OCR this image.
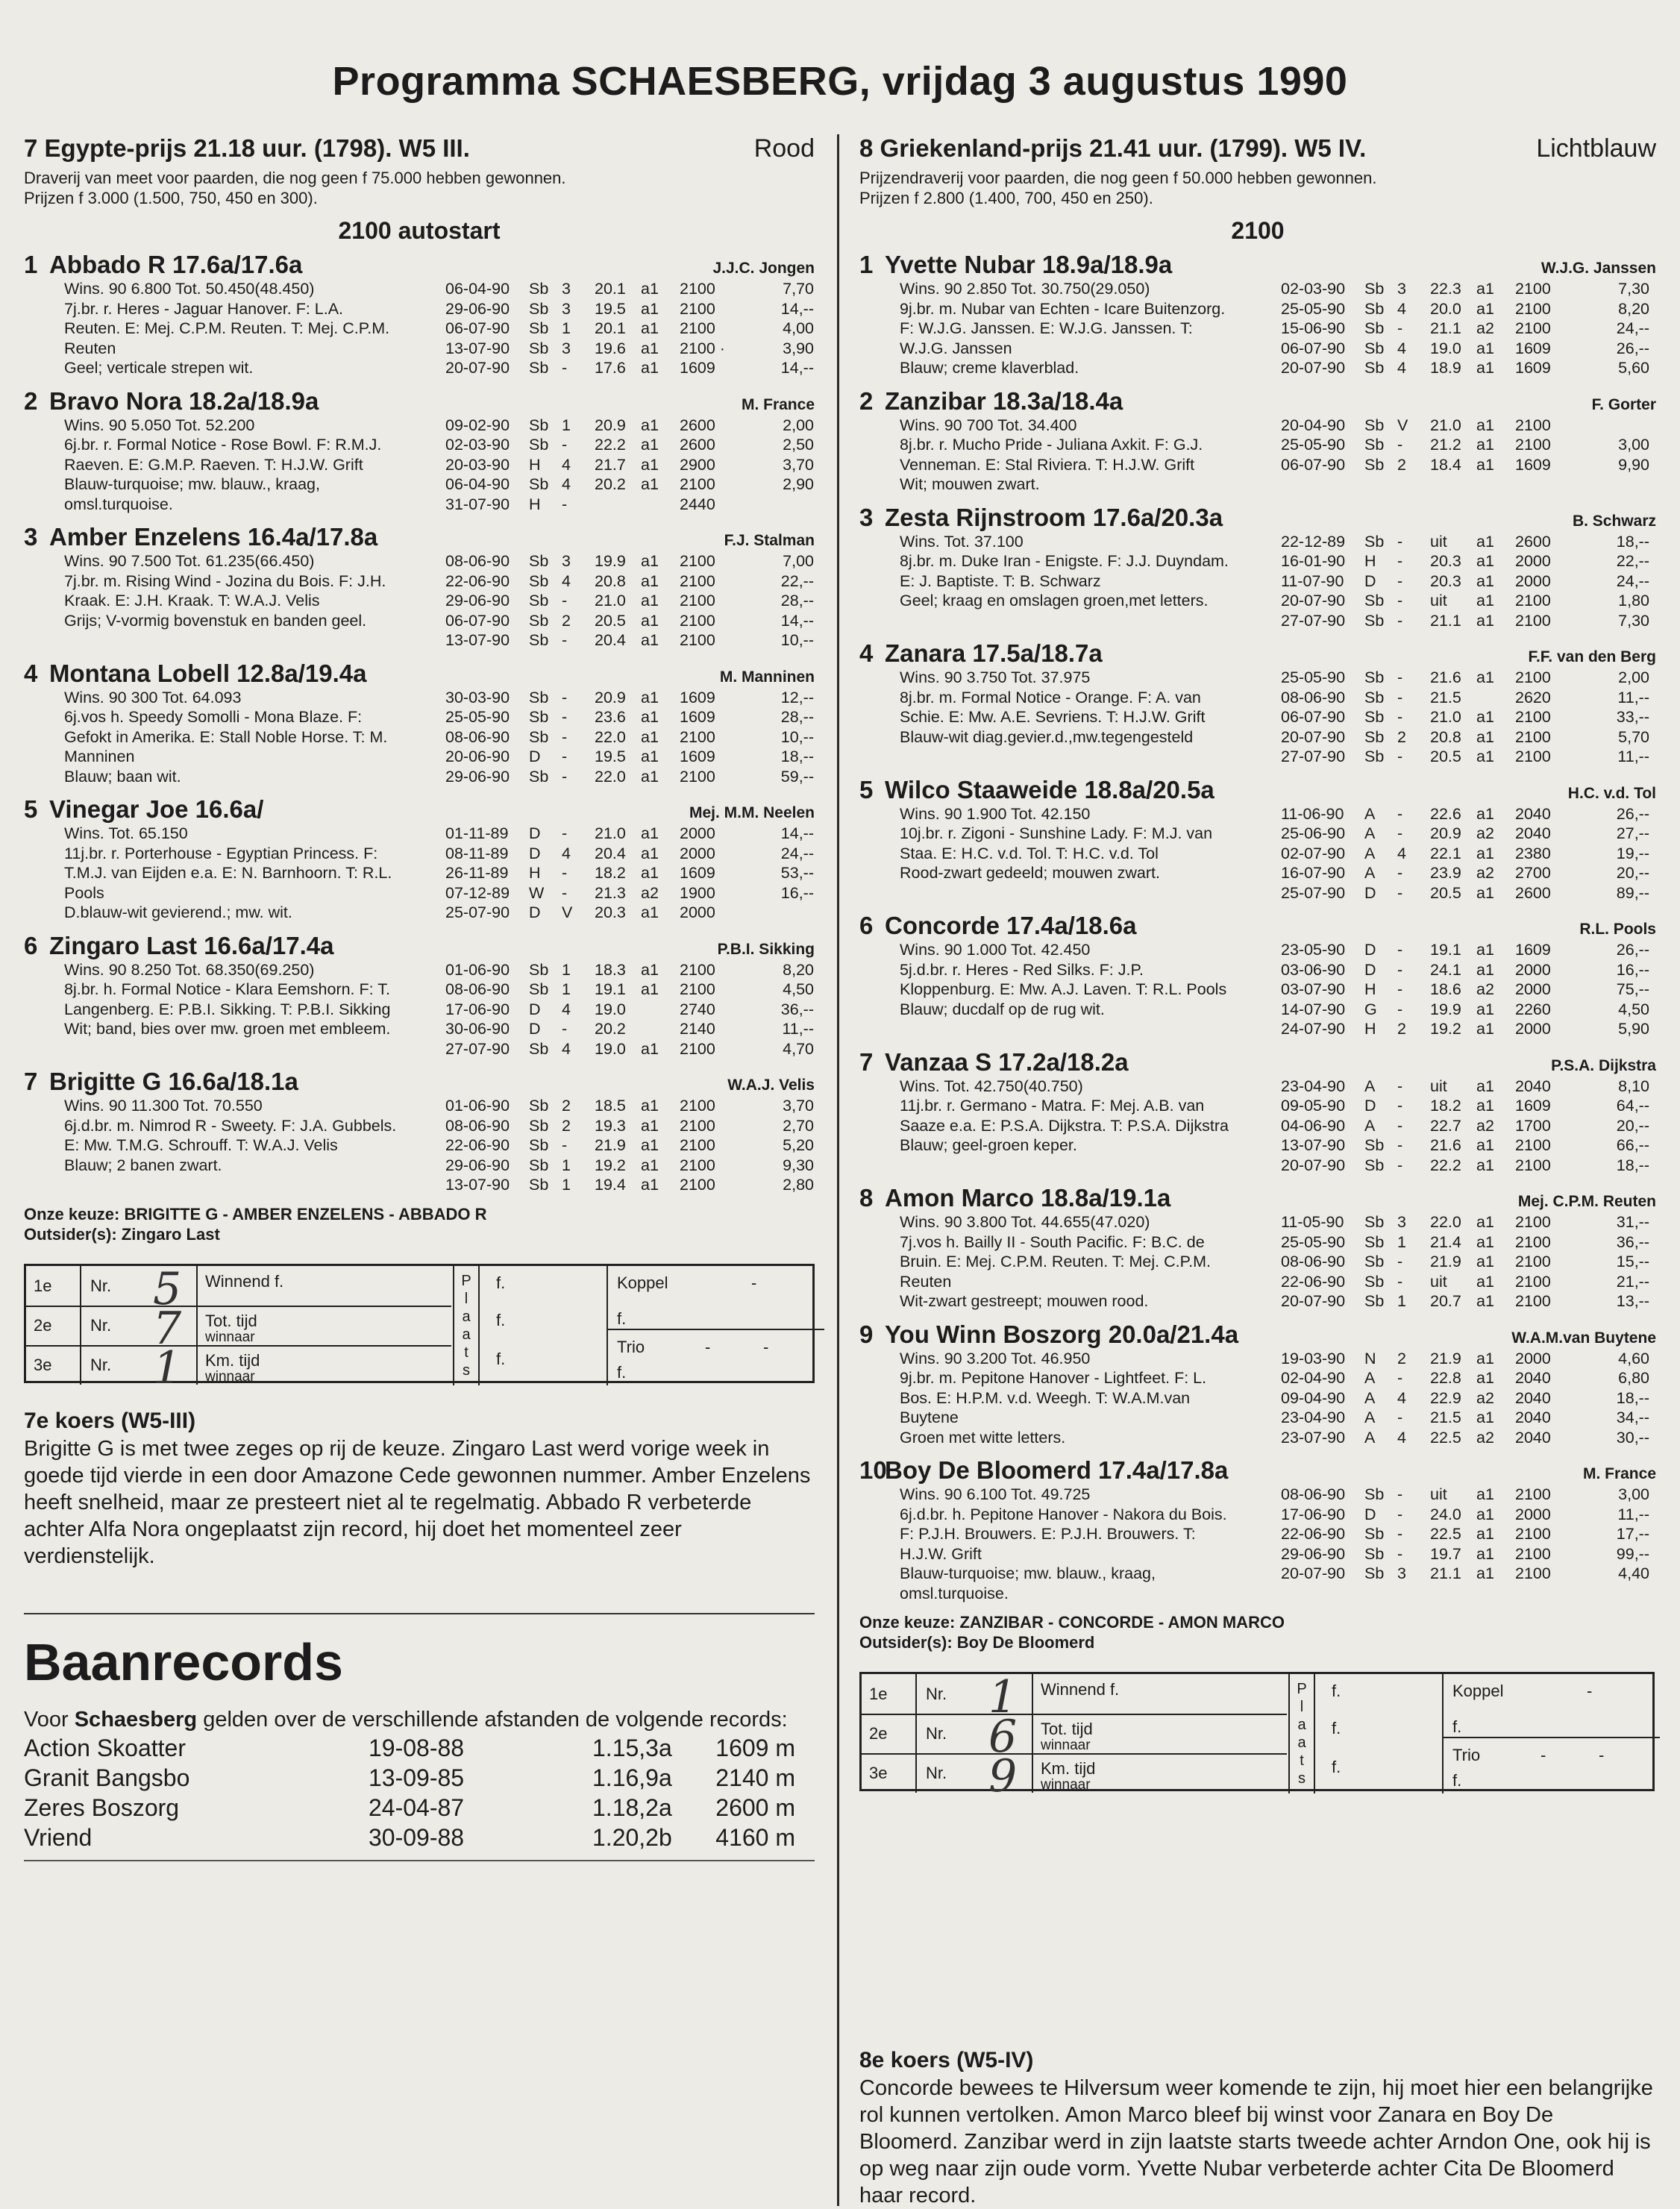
Programma SCHAESBERG, vrijdag 3 augustus 1990
7 Egypte-prijs 21.18 uur. (1798). W5 III.	Rood
Draverij van meet voor paarden, die nog geen f 75.000 hebben gewonnen.
Prijzen f 3.000 (1.500, 750, 450 en 300).
2100 autostart
1 Abbado R 17.6a/17.6a	J.J.C. Jongen
Wins. 90 6.800 Tot. 50.450(48.450)
7j.br. r. Heres - Jaguar Hanover. F: L.A.
Reuten. E: Mej. C.P.M. Reuten. T: Mej. C.P.M.
Reuten
Geel; verticale strepen wit.
06-04-90	Sb 3	20.1 a1	2100	7,70
29-06-90	Sb 3	19.5 a1	2100	14,--
06-07-90	Sb 1	20.1 a1	2100	4,00
13-07-90	Sb 3	19.6 a1	2100 ·	3,90
20-07-90	Sb -	17.6 a1	1609	14,--
2 Bravo Nora 18.2a/18.9a	M. France
Wins. 90 5.050 Tot. 52.200
6j.br. r. Formal Notice - Rose Bowl. F: R.M.J.
Raeven. E: G.M.P. Raeven. T: H.J.W. Grift
Blauw-turquoise; mw. blauw., kraag,
omsl.turquoise.
09-02-90	Sb 1	20.9 a1	2600	2,00
02-03-90	Sb -	22.2 a1	2600	2,50
20-03-90	H	4	21.7 a1	2900	3,70
06-04-90	Sb 4	20.2 a1	2100	2,90
31-07-90	H	-	2440
3 Amber Enzelens 16.4a/17.8a	F.J. Stalman
Wins. 90 7.500 Tot. 61.235(66.450)
7j.br. m. Rising Wind - Jozina du Bois. F: J.H.
Kraak. E: J.H. Kraak. T: W.A.J. Velis
Grijs; V-vormig bovenstuk en banden geel.
08-06-90	Sb 3	19.9 a1	2100	7,00
22-06-90	Sb 4	20.8 a1	2100	22,--
29-06-90	Sb -	21.0 a1	2100	28,--
06-07-90	Sb 2	20.5 a1	2100	14,--
13-07-90	Sb -	20.4 a1	2100	10,--
4 Montana Lobell 12.8a/19.4a	M. Manninen
Wins. 90 300 Tot. 64.093
6j.vos h. Speedy Somolli - Mona Blaze. F:
Gefokt in Amerika. E: Stall Noble Horse. T: M.
Manninen
Blauw; baan wit.
30-03-90	Sb -	20.9 a1	1609	12,--
25-05-90	Sb -	23.6 a1	1609	28,--
08-06-90	Sb -	22.0 a1	2100	10,--
20-06-90	D	-	19.5 a1	1609	18,--
29-06-90	Sb -	22.0 a1	2100	59,--
5 Vinegar Joe 16.6a/	Mej. M.M. Neelen
Wins. Tot. 65.150
11j.br. r. Porterhouse - Egyptian Princess. F:
T.M.J. van Eijden e.a. E: N. Barnhoorn. T: R.L.
Pools
D.blauw-wit gevierend.; mw. wit.
01-11-89	D	-	21.0 a1	2000	14,--
08-11-89	D	4	20.4 a1	2000	24,--
26-11-89	H	-	18.2 a1	1609	53,--
07-12-89	W	-	21.3 a2	1900	16,--
25-07-90	D	V	20.3 a1	2000
6 Zingaro Last 16.6a/17.4a	P.B.I. Sikking
Wins. 90 8.250 Tot. 68.350(69.250)
8j.br. h. Formal Notice - Klara Eemshorn. F: T.
Langenberg. E: P.B.I. Sikking. T: P.B.I. Sikking
Wit; band, bies over mw. groen met embleem.
01-06-90	Sb 1	18.3 a1	2100	8,20
08-06-90	Sb 1	19.1 a1	2100	4,50
17-06-90	D	4	19.0	2740	36,--
30-06-90	D	-	20.2	2140	11,--
27-07-90	Sb 4	19.0 a1	2100	4,70
7 Brigitte G 16.6a/18.1a	W.A.J. Velis
Wins. 90 11.300 Tot. 70.550
6j.d.br. m. Nimrod R - Sweety. F: J.A. Gubbels.
E: Mw. T.M.G. Schrouff. T: W.A.J. Velis
Blauw; 2 banen zwart.
01-06-90	Sb 2	18.5 a1	2100	3,70
08-06-90	Sb 2	19.3 a1	2100	2,70
22-06-90	Sb -	21.9 a1	2100	5,20
29-06-90	Sb 1	19.2 a1	2100	9,30
13-07-90	Sb 1	19.4 a1	2100	2,80
Onze keuze: BRIGITTE G - AMBER ENZELENS - ABBADO R
Outsider(s): Zingaro Last
1e Nr. 5 Winnend f.
2e Nr. 7 Tot. tijd
winnaar
3e Nr. 1 Km. tijd
winnaar
P
l
a
a
t
s
f.
f.
f.
Koppel	-
f.
Trio	-	-
f.
7e koers (W5-III)
Brigitte G is met twee zeges op rij de keuze. Zingaro Last werd vorige week in goede tijd vierde in een door Amazone Cede gewonnen nummer. Amber Enzelens heeft snelheid, maar ze presteert niet al te regelmatig. Abbado R verbeterde achter Alfa Nora ongeplaatst zijn record, hij doet het momenteel zeer verdienstelijk.
Baanrecords
Voor Schaesberg gelden over de verschillende afstanden de volgende records:
Action Skoatter	19-08-88	1.15,3a	1609 m
Granit Bangsbo	13-09-85	1.16,9a	2140 m
Zeres Boszorg	24-04-87	1.18,2a	2600 m
Vriend	30-09-88	1.20,2b	4160 m
8 Griekenland-prijs 21.41 uur. (1799). W5 IV.	Lichtblauw
Prijzendraverij voor paarden, die nog geen f 50.000 hebben gewonnen.
Prijzen f 2.800 (1.400, 700, 450 en 250).
2100
1 Yvette Nubar 18.9a/18.9a	W.J.G. Janssen
Wins. 90 2.850 Tot. 30.750(29.050)
9j.br. m. Nubar van Echten - Icare Buitenzorg.
F: W.J.G. Janssen. E: W.J.G. Janssen. T:
W.J.G. Janssen
Blauw; creme klaverblad.
02-03-90	Sb 3	22.3 a1	2100	7,30
25-05-90	Sb 4	20.0 a1	2100	8,20
15-06-90	Sb -	21.1 a2	2100	24,--
06-07-90	Sb 4	19.0 a1	1609	26,--
20-07-90	Sb 4	18.9 a1	1609	5,60
2 Zanzibar 18.3a/18.4a	F. Gorter
Wins. 90 700 Tot. 34.400
8j.br. r. Mucho Pride - Juliana Axkit. F: G.J.
Venneman. E: Stal Riviera. T: H.J.W. Grift
Wit; mouwen zwart.
20-04-90	Sb V	21.0 a1	2100
25-05-90	Sb -	21.2 a1	2100	3,00
06-07-90	Sb 2	18.4 a1	1609	9,90
3 Zesta Rijnstroom 17.6a/20.3a	B. Schwarz
Wins. Tot. 37.100
8j.br. m. Duke Iran - Enigste. F: J.J. Duyndam.
E: J. Baptiste. T: B. Schwarz
Geel; kraag en omslagen groen,met letters.
22-12-89	Sb -	uit	a1	2600	18,--
16-01-90	H	-	20.3 a1	2000	22,--
11-07-90	D	-	20.3 a1	2000	24,--
20-07-90	Sb -	uit	a1	2100	1,80
27-07-90	Sb -	21.1 a1	2100	7,30
4 Zanara 17.5a/18.7a	F.F. van den Berg
Wins. 90 3.750 Tot. 37.975
8j.br. m. Formal Notice - Orange. F: A. van
Schie. E: Mw. A.E. Sevriens. T: H.J.W. Grift
Blauw-wit diag.gevier.d.,mw.tegengesteld
25-05-90	Sb -	21.6 a1	2100	2,00
08-06-90	Sb -	21.5	2620	11,--
06-07-90	Sb -	21.0 a1	2100	33,--
20-07-90	Sb 2	20.8 a1	2100	5,70
27-07-90	Sb -	20.5 a1	2100	11,--
5 Wilco Staaweide 18.8a/20.5a	H.C. v.d. Tol
Wins. 90 1.900 Tot. 42.150
10j.br. r. Zigoni - Sunshine Lady. F: M.J. van
Staa. E: H.C. v.d. Tol. T: H.C. v.d. Tol
Rood-zwart gedeeld; mouwen zwart.
11-06-90	A	-	22.6 a1	2040	26,--
25-06-90	A	-	20.9 a2	2040	27,--
02-07-90	A	4	22.1 a1	2380	19,--
16-07-90	A	-	23.9 a2	2700	20,--
25-07-90	D	-	20.5 a1	2600	89,--
6 Concorde 17.4a/18.6a	R.L. Pools
Wins. 90 1.000 Tot. 42.450
5j.d.br. r. Heres - Red Silks. F: J.P.
Kloppenburg. E: Mw. A.J. Laven. T: R.L. Pools
Blauw; ducdalf op de rug wit.
23-05-90	D	-	19.1 a1	1609	26,--
03-06-90	D	-	24.1 a1	2000	16,--
03-07-90	H	-	18.6 a2	2000	75,--
14-07-90	G	-	19.9 a1	2260	4,50
24-07-90	H	2	19.2 a1	2000	5,90
7 Vanzaa S 17.2a/18.2a	P.S.A. Dijkstra
Wins. Tot. 42.750(40.750)
11j.br. r. Germano - Matra. F: Mej. A.B. van
Saaze e.a. E: P.S.A. Dijkstra. T: P.S.A. Dijkstra
Blauw; geel-groen keper.
23-04-90	A	-	uit	a1	2040	8,10
09-05-90	D	-	18.2 a1	1609	64,--
04-06-90	A	-	22.7 a2	1700	20,--
13-07-90	Sb -	21.6 a1	2100	66,--
20-07-90	Sb -	22.2 a1	2100	18,--
8 Amon Marco 18.8a/19.1a	Mej. C.P.M. Reuten
Wins. 90 3.800 Tot. 44.655(47.020)
7j.vos h. Bailly II - South Pacific. F: B.C. de
Bruin. E: Mej. C.P.M. Reuten. T: Mej. C.P.M.
Reuten
Wit-zwart gestreept; mouwen rood.
11-05-90	Sb 3	22.0 a1	2100	31,--
25-05-90	Sb 1	21.4 a1	2100	36,--
08-06-90	Sb -	21.9 a1	2100	15,--
22-06-90	Sb -	uit	a1	2100	21,--
20-07-90	Sb 1	20.7 a1	2100	13,--
9 You Winn Boszorg 20.0a/21.4a	W.A.M.van Buytene
Wins. 90 3.200 Tot. 46.950
9j.br. m. Pepitone Hanover - Lightfeet. F: L.
Bos. E: H.P.M. v.d. Weegh. T: W.A.M.van
Buytene
Groen met witte letters.
19-03-90	N	2	21.9 a1	2000	4,60
02-04-90	A	-	22.8 a1	2040	6,80
09-04-90	A	4	22.9 a2	2040	18,--
23-04-90	A	-	21.5 a1	2040	34,--
23-07-90	A	4	22.5 a2	2040	30,--
10
Boy De Bloomerd 17.4a/17.8a	M. France
Wins. 90 6.100 Tot. 49.725
6j.d.br. h. Pepitone Hanover - Nakora du Bois.
F: P.J.H. Brouwers. E: P.J.H. Brouwers. T:
H.J.W. Grift
Blauw-turquoise; mw. blauw., kraag,
omsl.turquoise.
08-06-90	Sb -	uit	a1	2100	3,00
17-06-90	D	-	24.0 a1	2000	11,--
22-06-90	Sb -	22.5 a1	2100	17,--
29-06-90	Sb -	19.7 a1	2100	99,--
20-07-90	Sb 3	21.1 a1	2100	4,40
Onze keuze: ZANZIBAR - CONCORDE - AMON MARCO
Outsider(s): Boy De Bloomerd
1e Nr. 1 Winnend f.
2e Nr. 6 Tot. tijd
winnaar
3e Nr. 9 Km. tijd
winnaar
P
l
a
a
t
s
f.
f.
f.
Koppel	-
f.
Trio	-	-
f.
8e koers (W5-IV)
Concorde bewees te Hilversum weer komende te zijn, hij moet hier een belangrijke rol kunnen vertolken. Amon Marco bleef bij winst voor Zanara en Boy De Bloomerd. Zanzibar werd in zijn laatste starts tweede achter Arndon One, ook hij is op weg naar zijn oude vorm. Yvette Nubar verbeterde achter Cita De Bloomerd haar record.
